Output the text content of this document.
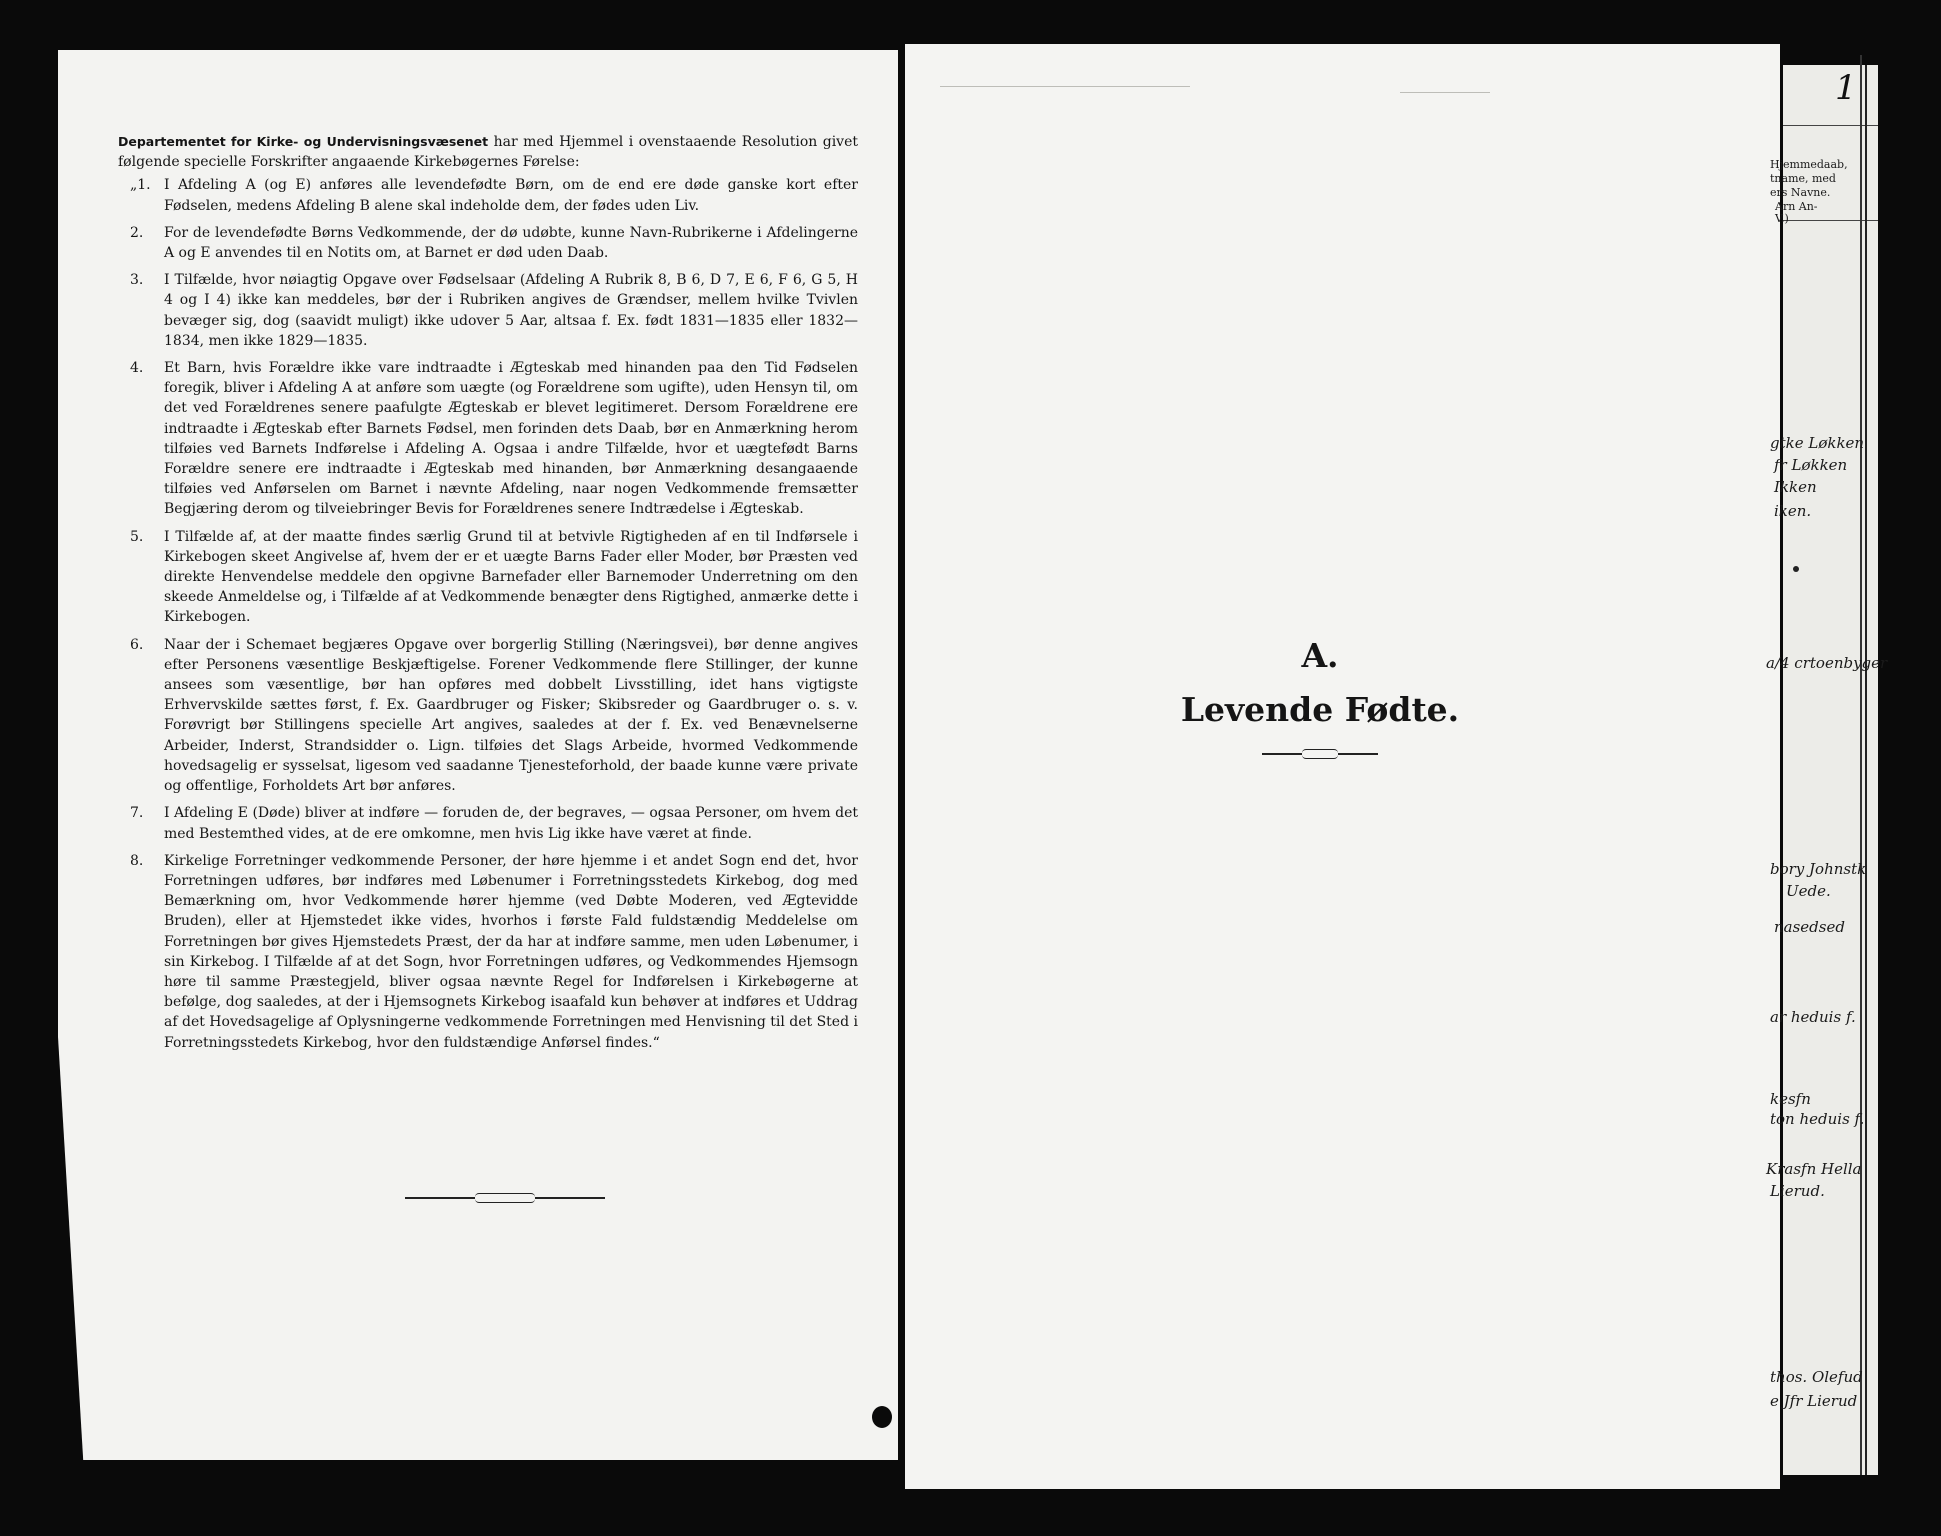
Departementet for Kirke- og Undervisningsvæsenet har med Hjemmel i ovenstaaende Resolution givet følgende specielle Forskrifter angaaende Kirkebøgernes Førelse:

„1. I Afdeling A (og E) anføres alle levendefødte Børn, om de end ere døde ganske kort efter Fødselen, medens Afdeling B alene skal indeholde dem, der fødes uden Liv.
2.	For de levendefødte Børns Vedkommende, der dø udøbte, kunne Navn-Rubrikerne i Afdelingerne A og E anvendes til en Notits om, at Barnet er død uden Daab.
3.	I Tilfælde, hvor nøiagtig Opgave over Fødselsaar (Afdeling A Rubrik 8, B 6, D 7, E 6, F 6, G 5, H 4 og I 4) ikke kan meddeles, bør der i Rubriken angives de Grændser, mellem hvilke Tvivlen bevæger sig, dog (saavidt muligt) ikke udover 5 Aar, altsaa f. Ex. født 1831—1835 eller 1832—1834, men ikke 1829—1835.
4.	Et Barn, hvis Forældre ikke vare indtraadte i Ægteskab med hinanden paa den Tid Fødselen foregik, bliver i Afdeling A at anføre som uægte (og Forældrene som ugifte), uden Hensyn til, om det ved Forældrenes senere paafulgte Ægteskab er blevet legitimeret. Dersom Forældrene ere indtraadte i Ægteskab efter Barnets Fødsel, men forinden dets Daab, bør en Anmærkning herom tilføies ved Barnets Indførelse i Afdeling A. Ogsaa i andre Tilfælde, hvor et uægtefødt Barns Forældre senere ere indtraadte i Ægteskab med hinanden, bør Anmærkning desangaaende tilføies ved Anførselen om Barnet i nævnte Afdeling, naar nogen Vedkommende fremsætter Begjæring derom og tilveiebringer Bevis for Forældrenes senere Indtrædelse i Ægteskab.
5.	I Tilfælde af, at der maatte findes særlig Grund til at betvivle Rigtigheden af en til Indførsele i Kirkebogen skeet Angivelse af, hvem der er et uægte Barns Fader eller Moder, bør Præsten ved direkte Henvendelse meddele den opgivne Barnefader eller Barnemoder Underretning om den skeede Anmeldelse og, i Tilfælde af at Vedkommende benægter dens Rigtighed, anmærke dette i Kirkebogen.
6.	Naar der i Schemaet begjæres Opgave over borgerlig Stilling (Næringsvei), bør denne angives efter Personens væsentlige Beskjæftigelse. Forener Vedkommende flere Stillinger, der kunne ansees som væsentlige, bør han opføres med dobbelt Livsstilling, idet hans vigtigste Erhvervskilde sættes først, f. Ex. Gaardbruger og Fisker; Skibsreder og Gaardbruger o. s. v. Forøvrigt bør Stillingens specielle Art angives, saaledes at der f. Ex. ved Benævnelserne Arbeider, Inderst, Strandsidder o. Lign. tilføies det Slags Arbeide, hvormed Vedkommende hovedsagelig er sysselsat, ligesom ved saadanne Tjenesteforhold, der baade kunne være private og offentlige, Forholdets Art bør anføres.
7.	I Afdeling E (Døde) bliver at indføre — foruden de, der begraves, — ogsaa Personer, om hvem det med Bestemthed vides, at de ere omkomne, men hvis Lig ikke have været at finde.
8.	Kirkelige Forretninger vedkommende Personer, der høre hjemme i et andet Sogn end det, hvor Forretningen udføres, bør indføres med Løbenumer i Forretningsstedets Kirkebog, dog med Bemærkning om, hvor Vedkommende hører hjemme (ved Døbte Moderen, ved Ægtevidde Bruden), eller at Hjemstedet ikke vides, hvorhos i første Fald fuldstændig Meddelelse om Forretningen bør gives Hjemstedets Præst, der da har at indføre samme, men uden Løbenumer, i sin Kirkebog. I Tilfælde af at det Sogn, hvor Forretningen udføres, og Vedkommendes Hjemsogn høre til samme Præstegjeld, bliver ogsaa nævnte Regel for Indførelsen i Kirkebøgerne at befølge, dog saaledes, at der i Hjemsognets Kirkebog isaafald kun behøver at indføres et Uddrag af det Hovedsagelige af Oplysningerne vedkommende Forretningen med Henvisning til det Sted i Forretningsstedets Kirkebog, hvor den fuldstændige Anførsel findes.“
A.
Levende Fødte.
1
Hjemmedaab,
tname, med
ers Navne.
Arn An-
V.)
gtke Løkken
fr Løkken
Ikken
iken.
a/4 crtoenbyger
bory Johnstk
Uede.
nasedsed
ar heduis f.
kesfn
ton heduis f.
Krasfn Hella
Lierud.
thos. Olefud
e Jfr Lierud
